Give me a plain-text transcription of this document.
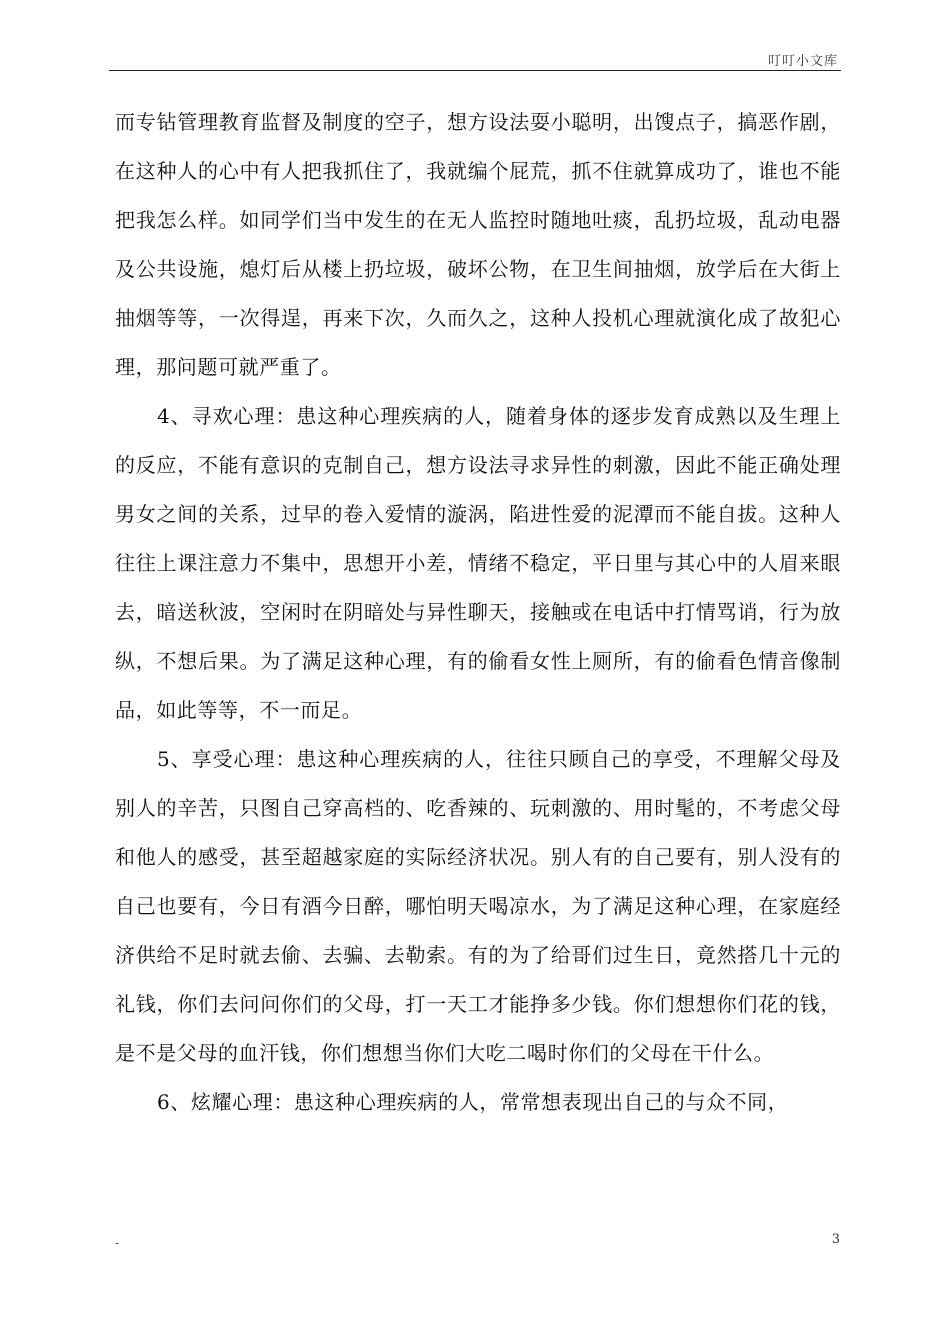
叮叮小文库

而专钻管理教育监督及制度的空子，想方设法耍小聪明，出馊点子，搞恶作剧，在这种人的心中有人把我抓住了，我就编个屁荒，抓不住就算成功了，谁也不能把我怎么样。如同学们当中发生的在无人监控时随地吐痰，乱扔垃圾，乱动电器及公共设施，熄灯后从楼上扔垃圾，破坏公物，在卫生间抽烟，放学后在大街上抽烟等等，一次得逞，再来下次，久而久之，这种人投机心理就演化成了故犯心理，那问题可就严重了。

4、寻欢心理：患这种心理疾病的人，随着身体的逐步发育成熟以及生理上的反应，不能有意识的克制自己，想方设法寻求异性的刺激，因此不能正确处理男女之间的关系，过早的卷入爱情的漩涡，陷进性爱的泥潭而不能自拔。这种人往往上课注意力不集中，思想开小差，情绪不稳定，平日里与其心中的人眉来眼去，暗送秋波，空闲时在阴暗处与异性聊天，接触或在电话中打情骂诮，行为放纵，不想后果。为了满足这种心理，有的偷看女性上厕所，有的偷看色情音像制品，如此等等，不一而足。

5、享受心理：患这种心理疾病的人，往往只顾自己的享受，不理解父母及别人的辛苦，只图自己穿高档的、吃香辣的、玩刺激的、用时髦的，不考虑父母和他人的感受，甚至超越家庭的实际经济状况。别人有的自己要有，别人没有的自己也要有，今日有酒今日醉，哪怕明天喝凉水，为了满足这种心理，在家庭经济供给不足时就去偷、去骗、去勒索。有的为了给哥们过生日，竟然搭几十元的礼钱，你们去问问你们的父母，打一天工才能挣多少钱。你们想想你们花的钱，是不是父母的血汗钱，你们想想当你们大吃二喝时你们的父母在干什么。

6、炫耀心理：患这种心理疾病的人，常常想表现出自己的与众不同，

-	3
